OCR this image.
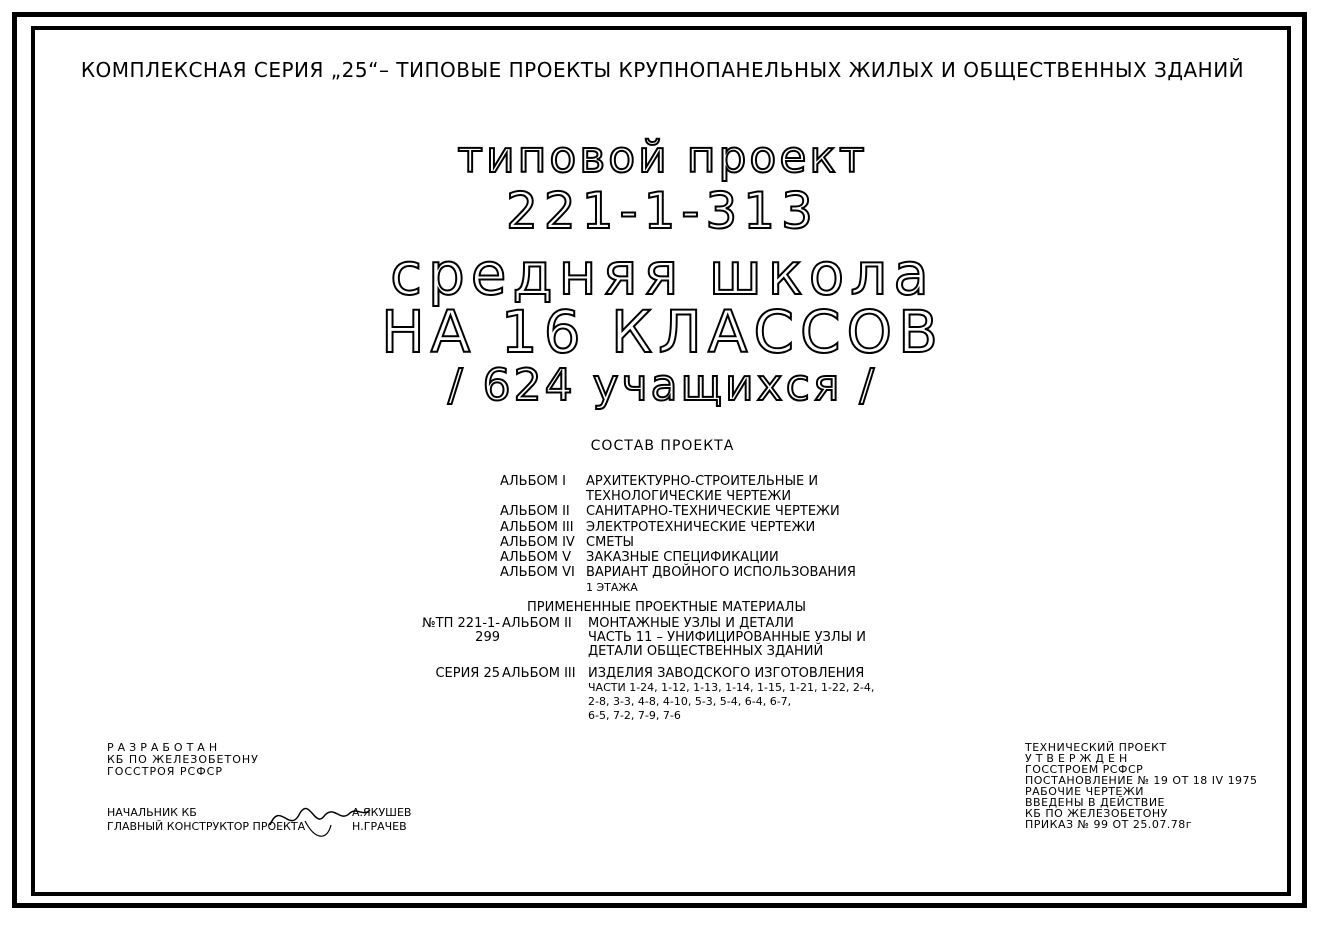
КОМПЛЕКСНАЯ СЕРИЯ „25“– ТИПОВЫЕ ПРОЕКТЫ КРУПНОПАНЕЛЬНЫХ ЖИЛЫХ И ОБЩЕСТВЕННЫХ ЗДАНИЙ
типовой проект
221-1-313
средняя школа
НА 16 КЛАССОВ
/ 624 учащихся /
СОСТАВ ПРОЕКТА
АЛЬБОМ I АРХИТЕКТУРНО-СТРОИТЕЛЬНЫЕ И
ТЕХНОЛОГИЧЕСКИЕ ЧЕРТЕЖИ
АЛЬБОМ II САНИТАРНО-ТЕХНИЧЕСКИЕ ЧЕРТЕЖИ
АЛЬБОМ III ЭЛЕКТРОТЕХНИЧЕСКИЕ ЧЕРТЕЖИ
АЛЬБОМ IV СМЕТЫ
АЛЬБОМ V ЗАКАЗНЫЕ СПЕЦИФИКАЦИИ
АЛЬБОМ VI ВАРИАНТ ДВОЙНОГО ИСПОЛЬЗОВАНИЯ
1 ЭТАЖА
ПРИМЕНЕННЫЕ ПРОЕКТНЫЕ МАТЕРИАЛЫ
№ТП 221-1-299АЛЬБОМ II МОНТАЖНЫЕ УЗЛЫ И ДЕТАЛИ
ЧАСТЬ 11 – УНИФИЦИРОВАННЫЕ УЗЛЫ И
ДЕТАЛИ ОБЩЕСТВЕННЫХ ЗДАНИЙ
СЕРИЯ 25 АЛЬБОМ III ИЗДЕЛИЯ ЗАВОДСКОГО ИЗГОТОВЛЕНИЯ
ЧАСТИ 1-24, 1-12, 1-13, 1-14, 1-15, 1-21, 1-22, 2-4,
2-8, 3-3, 4-8, 4-10, 5-3, 5-4, 6-4, 6-7,
6-5, 7-2, 7-9, 7-6
РАЗРАБОТАН
КБ ПО ЖЕЛЕЗОБЕТОНУ
ГОССТРОЯ РСФСР
НАЧАЛЬНИК КБ
ГЛАВНЫЙ КОНСТРУКТОР ПРОЕКТА
А.ЯКУШЕВ
Н.ГРАЧЕВ
ТЕХНИЧЕСКИЙ ПРОЕКТ
УТВЕРЖДЕН
ГОССТРОЕМ РСФСР
ПОСТАНОВЛЕНИЕ № 19 ОТ 18 IV 1975
РАБОЧИЕ ЧЕРТЕЖИ
ВВЕДЕНЫ В ДЕЙСТВИЕ
КБ ПО ЖЕЛЕЗОБЕТОНУ
ПРИКАЗ № 99 ОТ 25.07.78г
